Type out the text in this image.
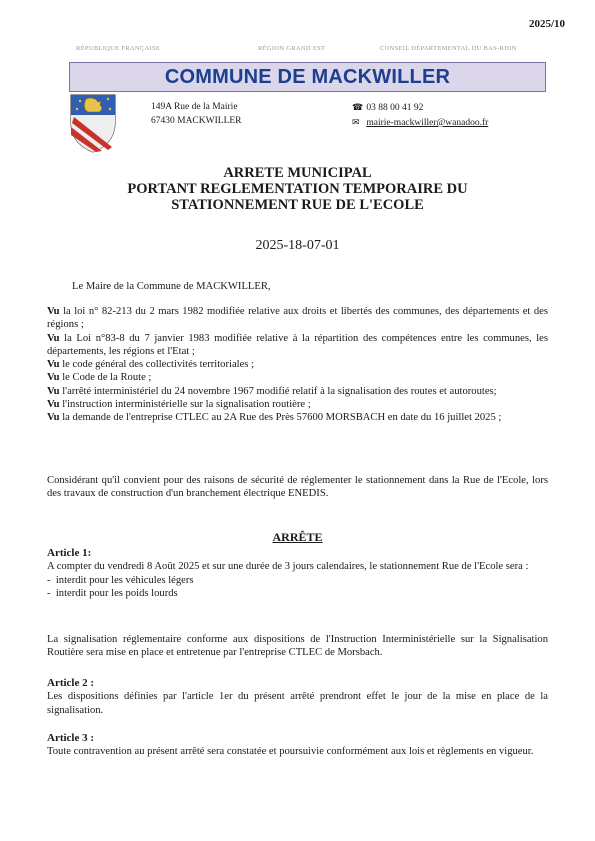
2025/10
RÉPUBLIQUE FRANÇAISE	RÉGION GRAND EST	CONSEIL DÉPARTEMENTAL DU BAS-RHIN
COMMUNE DE MACKWILLER
149A Rue de la Mairie
67430 MACKWILLER
☎ 03 88 00 41 92
✉ mairie-mackwiller@wanadoo.fr
ARRETE MUNICIPAL
PORTANT REGLEMENTATION TEMPORAIRE DU
STATIONNEMENT RUE DE L'ECOLE
2025-18-07-01
Le Maire de la Commune de MACKWILLER,

Vu la loi n° 82-213 du 2 mars 1982 modifiée relative aux droits et libertés des communes, des départements et des régions ;

Vu la Loi n°83-8 du 7 janvier 1983 modifiée relative à la répartition des compétences entre les communes, les départements, les régions et l'Etat ;

Vu le code général des collectivités territoriales ;

Vu le Code de la Route ;

Vu l'arrêté interministériel du 24 novembre 1967 modifié relatif à la signalisation des routes et autoroutes;

Vu l'instruction interministérielle sur la signalisation routière ;

Vu la demande de l'entreprise CTLEC au 2A Rue des Près 57600 MORSBACH en date du 16 juillet 2025 ;

Considérant qu'il convient pour des raisons de sécurité de réglementer le stationnement dans la Rue de l'Ecole, lors des travaux de construction d'un branchement électrique ENEDIS.
ARRÊTE
Article 1:

A compter du vendredi 8 Août 2025 et sur une durée de 3 jours calendaires, le stationnement Rue de l'Ecole sera :

-  interdit pour les véhicules légers
-  interdit pour les poids lourds
La signalisation réglementaire conforme aux dispositions de l'Instruction Interministérielle sur la Signalisation Routière sera mise en place et entretenue par l'entreprise CTLEC de Morsbach.
Article 2 :

Les dispositions définies par l'article 1er du présent arrêté prendront effet le jour de la mise en place de la signalisation.

Article 3 :

Toute contravention au présent arrêté sera constatée et poursuivie conformément aux lois et règlements en vigueur.
